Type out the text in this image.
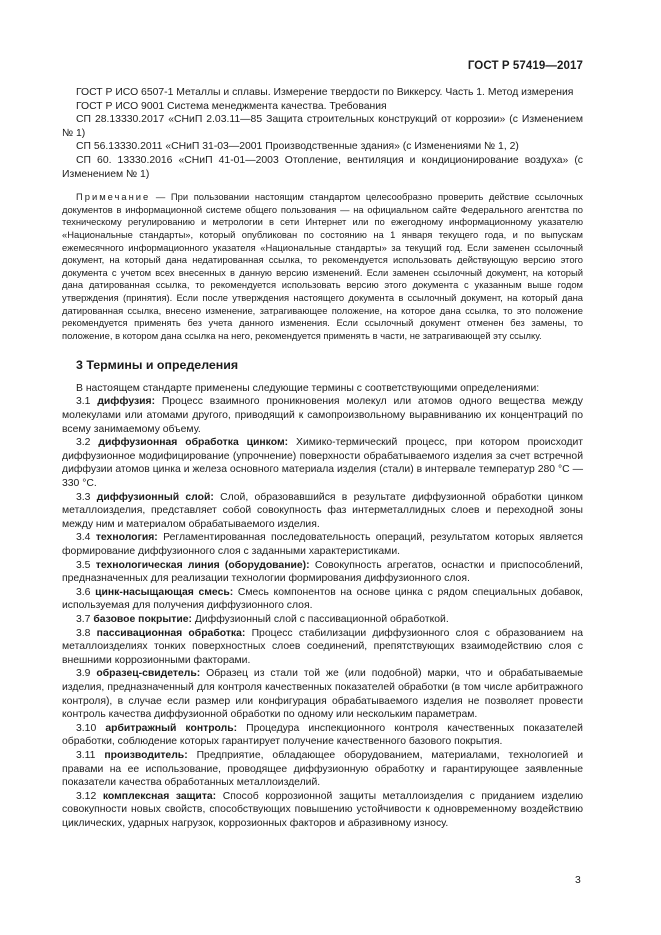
ГОСТ Р 57419—2017

ГОСТ Р ИСО 6507-1 Металлы и сплавы. Измерение твердости по Виккерсу. Часть 1. Метод измерения

ГОСТ Р ИСО 9001 Система менеджмента качества. Требования

СП 28.13330.2017 «СНиП 2.03.11—85 Защита строительных конструкций от коррозии» (с Изменением № 1)

СП 56.13330.2011 «СНиП 31-03—2001 Производственные здания» (с Изменениями № 1, 2)

СП 60. 13330.2016 «СНиП 41-01—2003 Отопление, вентиляция и кондиционирование воздуха» (с Изменением № 1)

Примечание — При пользовании настоящим стандартом целесообразно проверить действие ссылочных документов в информационной системе общего пользования — на официальном сайте Федерального агентства по техническому регулированию и метрологии в сети Интернет или по ежегодному информационному указателю «Национальные стандарты», который опубликован по состоянию на 1 января текущего года, и по выпускам ежемесячного информационного указателя «Национальные стандарты» за текущий год. Если заменен ссылочный документ, на который дана недатированная ссылка, то рекомендуется использовать действующую версию этого документа с учетом всех внесенных в данную версию изменений. Если заменен ссылочный документ, на который дана датированная ссылка, то рекомендуется использовать версию этого документа с указанным выше годом утверждения (принятия). Если после утверждения настоящего документа в ссылочный документ, на который дана датированная ссылка, внесено изменение, затрагивающее положение, на которое дана ссылка, то это положение рекомендуется применять без учета данного изменения. Если ссылочный документ отменен без замены, то положение, в котором дана ссылка на него, рекомендуется применять в части, не затрагивающей эту ссылку.

3 Термины и определения

В настоящем стандарте применены следующие термины с соответствующими определениями:

3.1 диффузия: Процесс взаимного проникновения молекул или атомов одного вещества между молекулами или атомами другого, приводящий к самопроизвольному выравниванию их концентраций по всему занимаемому объему.

3.2 диффузионная обработка цинком: Химико-термический процесс, при котором происходит диффузионное модифицирование (упрочнение) поверхности обрабатываемого изделия за счет встречной диффузии атомов цинка и железа основного материала изделия (стали) в интервале температур 280 °C — 330 °C.

3.3 диффузионный слой: Слой, образовавшийся в результате диффузионной обработки цинком металлоизделия, представляет собой совокупность фаз интерметаллидных слоев и переходной зоны между ним и материалом обрабатываемого изделия.

3.4 технология: Регламентированная последовательность операций, результатом которых является формирование диффузионного слоя с заданными характеристиками.

3.5 технологическая линия (оборудование): Совокупность агрегатов, оснастки и приспособлений, предназначенных для реализации технологии формирования диффузионного слоя.

3.6 цинк-насыщающая смесь: Смесь компонентов на основе цинка с рядом специальных добавок, используемая для получения диффузионного слоя.

3.7 базовое покрытие: Диффузионный слой с пассивационной обработкой.

3.8 пассивационная обработка: Процесс стабилизации диффузионного слоя с образованием на металлоизделиях тонких поверхностных слоев соединений, препятствующих взаимодействию слоя с внешними коррозионными факторами.

3.9 образец-свидетель: Образец из стали той же (или подобной) марки, что и обрабатываемые изделия, предназначенный для контроля качественных показателей обработки (в том числе арбитражного контроля), в случае если размер или конфигурация обрабатываемого изделия не позволяет провести контроль качества диффузионной обработки по одному или нескольким параметрам.

3.10 арбитражный контроль: Процедура инспекционного контроля качественных показателей обработки, соблюдение которых гарантирует получение качественного базового покрытия.

3.11 производитель: Предприятие, обладающее оборудованием, материалами, технологией и правами на ее использование, проводящее диффузионную обработку и гарантирующее заявленные показатели качества обработанных металлоизделий.

3.12 комплексная защита: Способ коррозионной защиты металлоизделия с приданием изделию совокупности новых свойств, способствующих повышению устойчивости к одновременному воздействию циклических, ударных нагрузок, коррозионных факторов и абразивному износу.

3
